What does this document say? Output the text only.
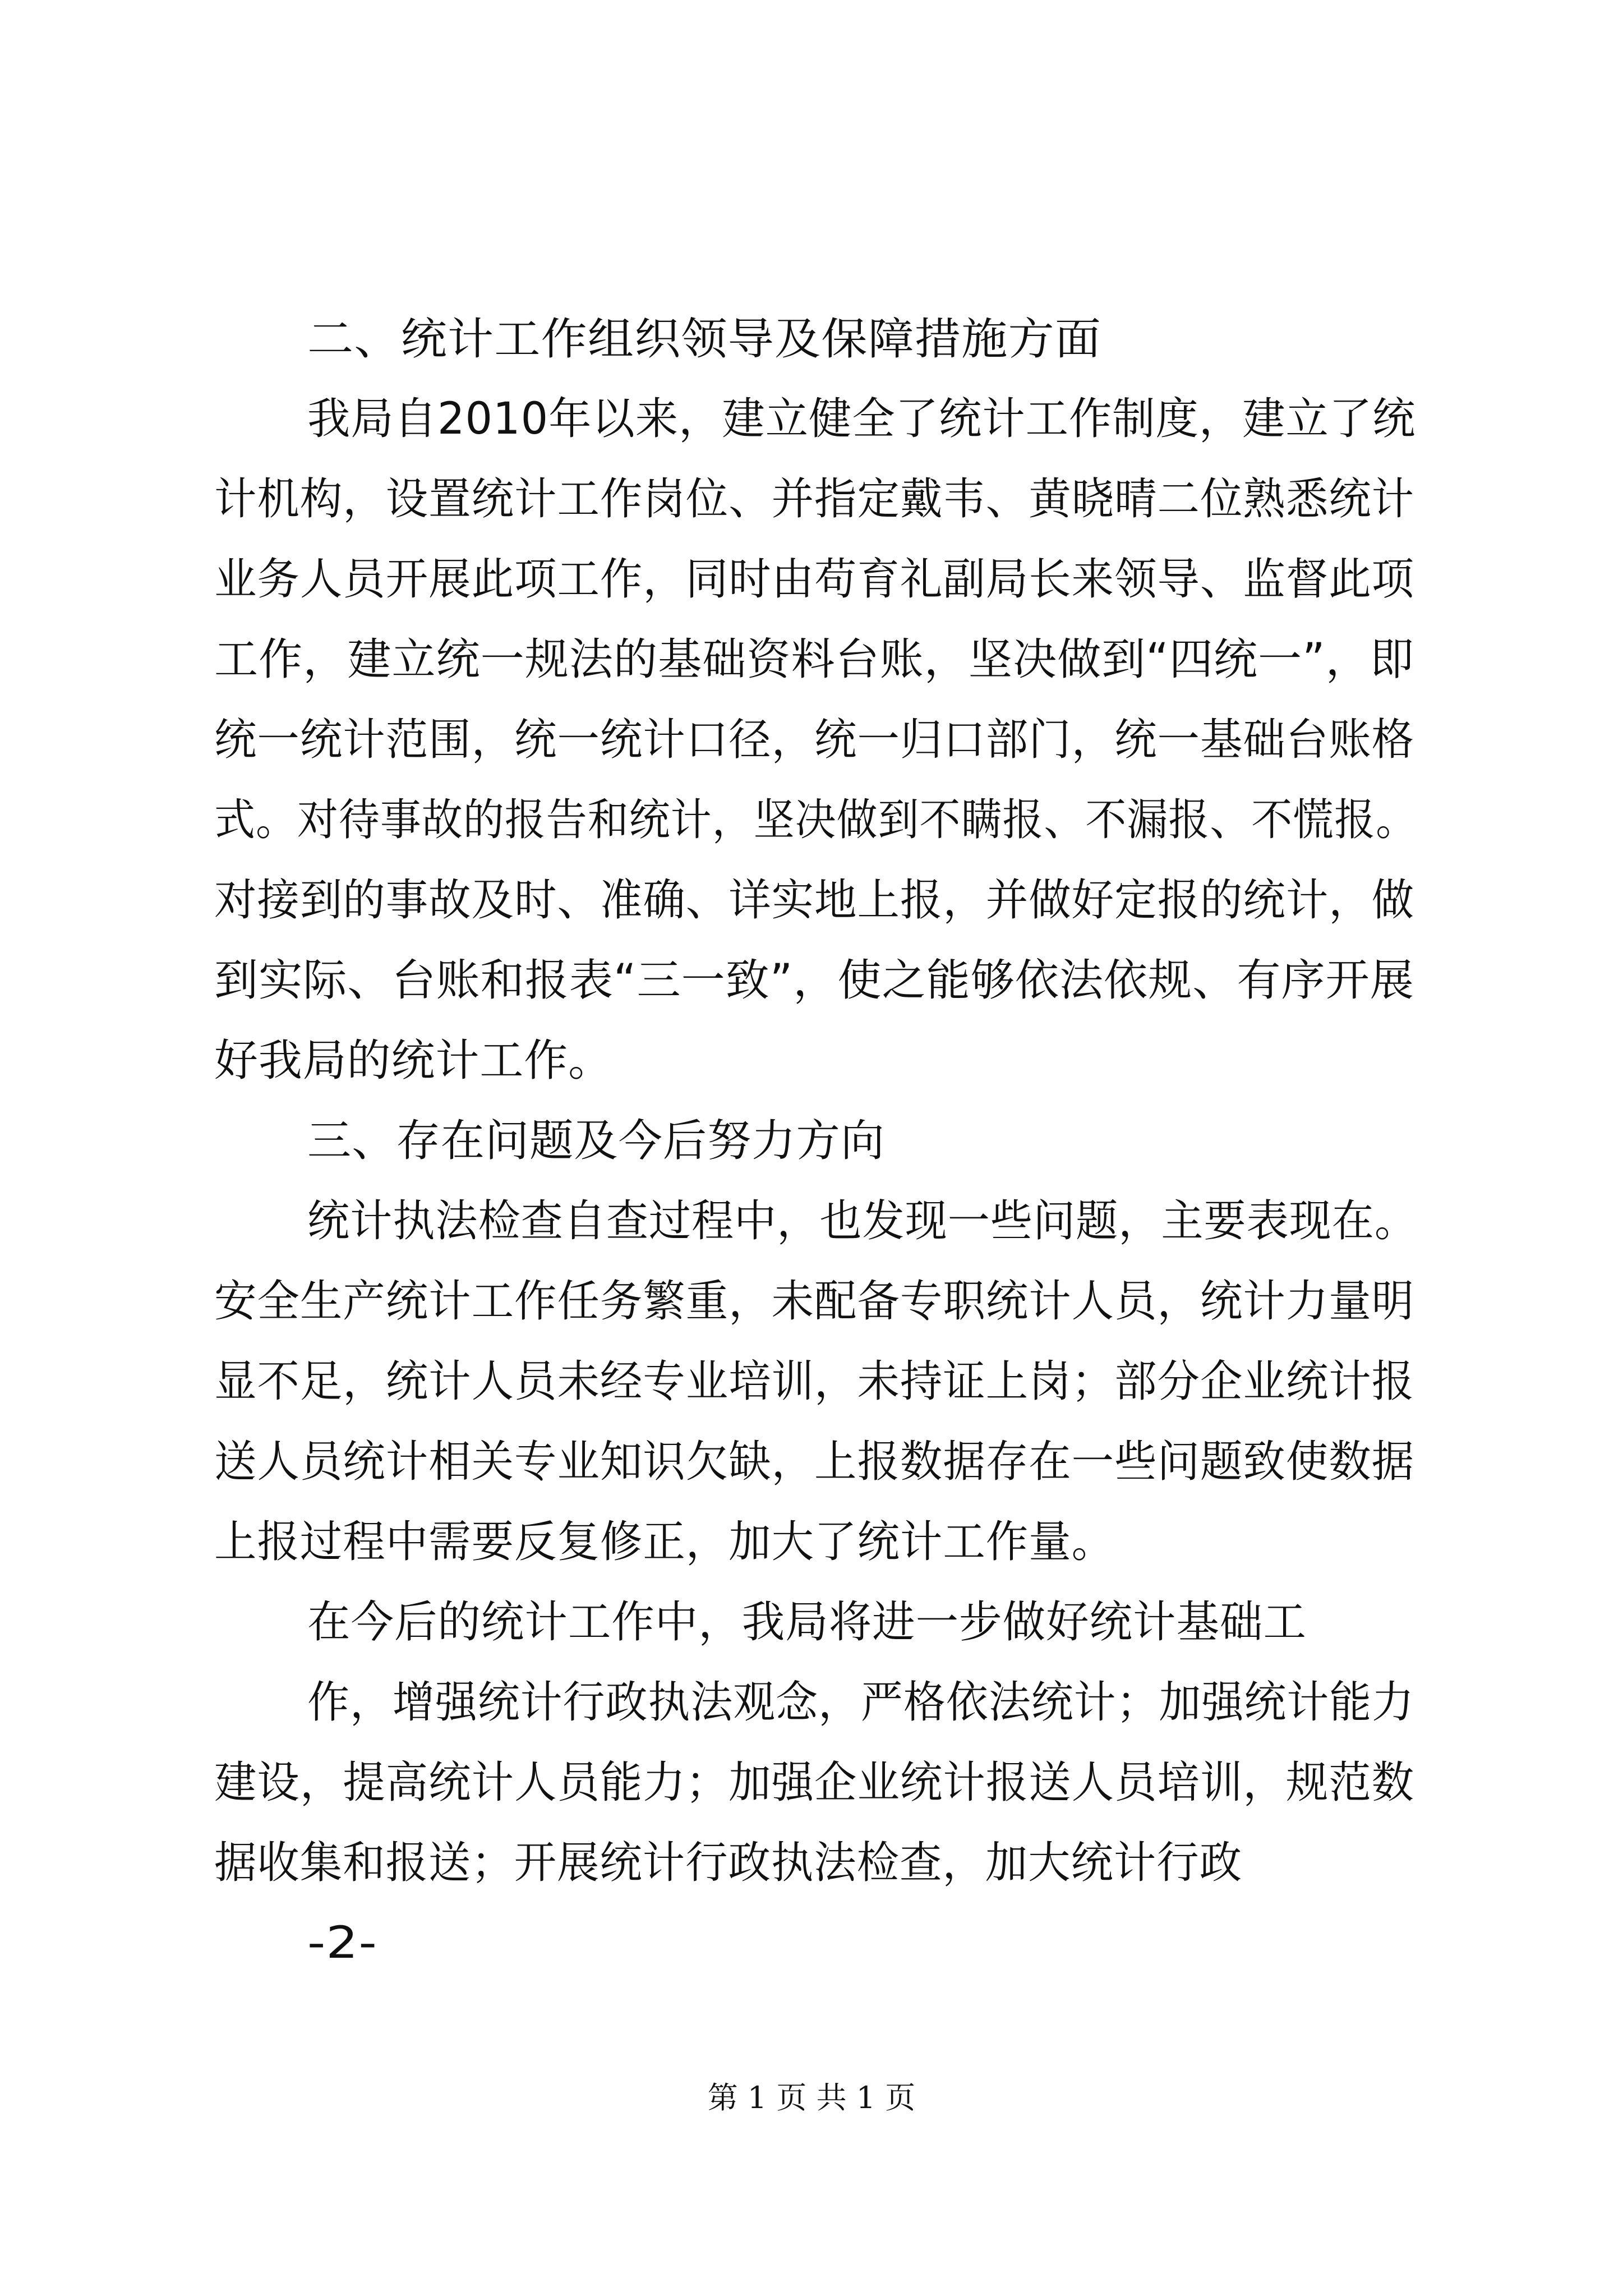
二、统计工作组织领导及保障措施方面

我局自2010年以来，建立健全了统计工作制度，建立了统

计机构，设置统计工作岗位、并指定戴韦、黄晓晴二位熟悉统计

业务人员开展此项工作，同时由苟育礼副局长来领导、监督此项

工作，建立统一规法的基础资料台账，坚决做到“四统一”，即

统一统计范围，统一统计口径，统一归口部门，统一基础台账格

式。对待事故的报告和统计，坚决做到不瞒报、不漏报、不慌报。

对接到的事故及时、准确、详实地上报，并做好定报的统计，做

到实际、台账和报表“三一致”，使之能够依法依规、有序开展

好我局的统计工作。

三、存在问题及今后努力方向

统计执法检查自查过程中，也发现一些问题，主要表现在。

安全生产统计工作任务繁重，未配备专职统计人员，统计力量明

显不足，统计人员未经专业培训，未持证上岗；部分企业统计报

送人员统计相关专业知识欠缺，上报数据存在一些问题致使数据

上报过程中需要反复修正，加大了统计工作量。

在今后的统计工作中，我局将进一步做好统计基础工

作，增强统计行政执法观念，严格依法统计；加强统计能力

建设，提高统计人员能力；加强企业统计报送人员培训，规范数

据收集和报送；开展统计行政执法检查，加大统计行政

-2-

第 1 页 共 1 页
